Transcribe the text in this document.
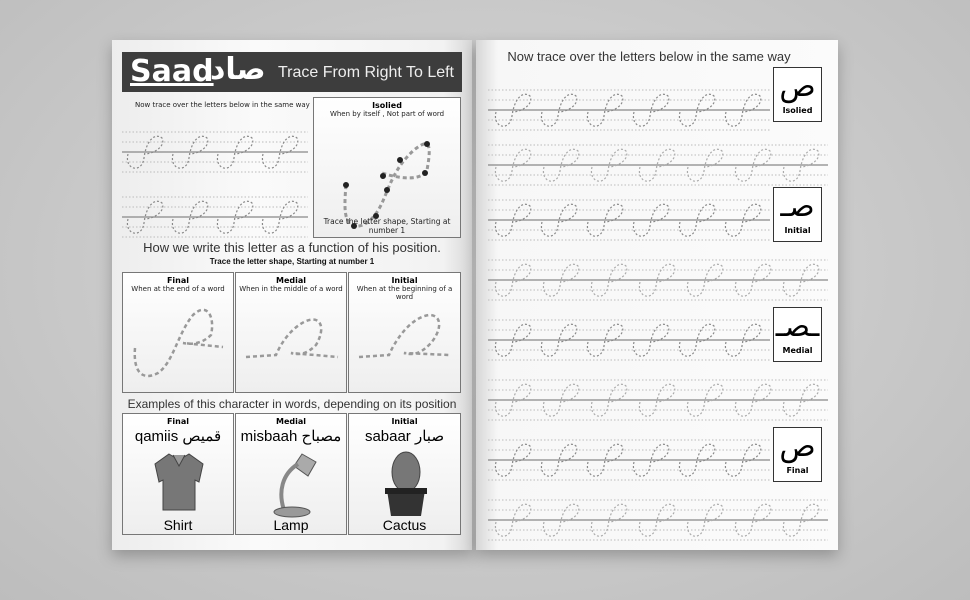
Saad
صاد Trace From Right To Left
Now trace over the letters below in the same way	Isolied
When by itself , Not part of word
Trace the letter shape, Starting at number 1
How we write this letter as a function of his position.
Trace the letter shape, Starting at number 1
Final
When at the end of a word
Medial
When in the middle of a word
Initial
When at the beginning of a word
Examples of this character in words, depending on its position
Final
qamiis قميص
Shirt
Medial
misbaah مصباح
Lamp
Initial
sabaar صبار
Cactus
Now trace over the letters below in the same way
ص
Isolied
صـ
Initial
ـصـ
Medial
ص
Final
